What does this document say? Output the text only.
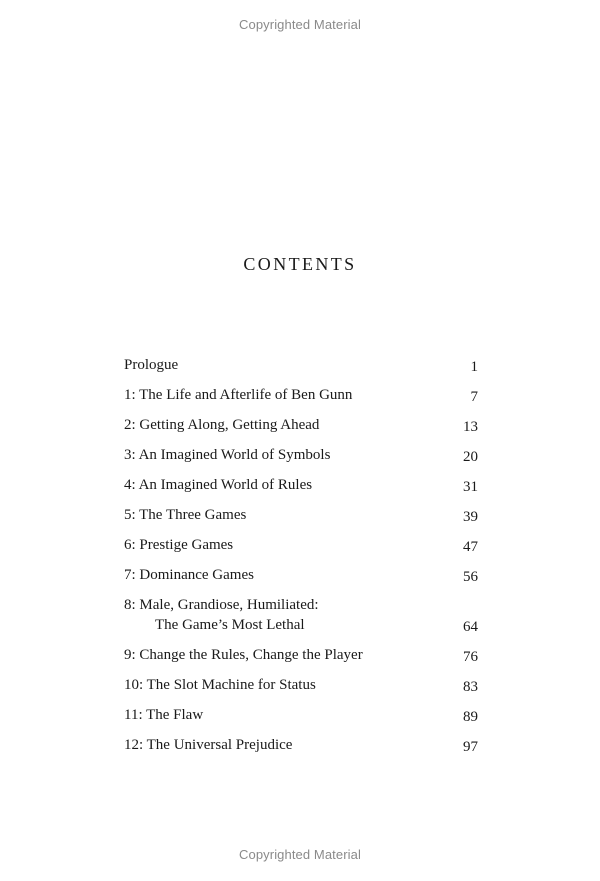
Copyrighted Material
CONTENTS
Prologue	1
1: The Life and Afterlife of Ben Gunn	7
2: Getting Along, Getting Ahead	13
3: An Imagined World of Symbols	20
4: An Imagined World of Rules	31
5: The Three Games	39
6: Prestige Games	47
7: Dominance Games	56
8: Male, Grandiose, Humiliated:
The Game’s Most Lethal	64
9: Change the Rules, Change the Player	76
10: The Slot Machine for Status	83
11: The Flaw	89
12: The Universal Prejudice	97
Copyrighted Material
